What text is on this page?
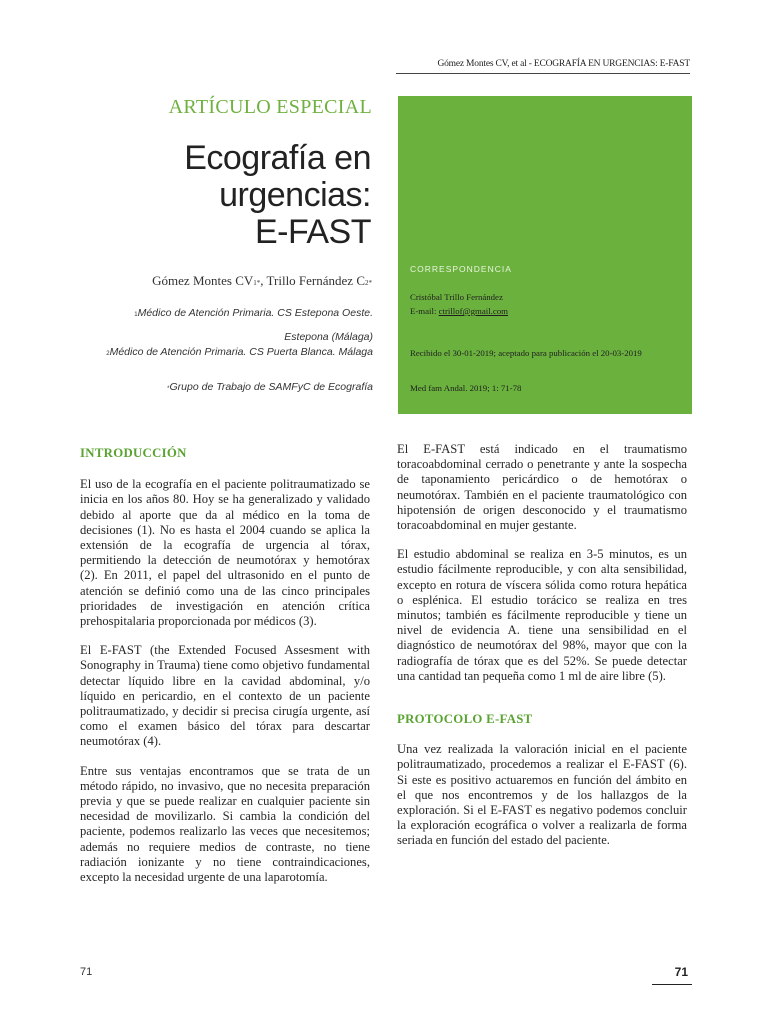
Gómez Montes CV, et al - ECOGRAFÍA EN URGENCIAS: E-FAST
ARTÍCULO ESPECIAL
Ecografía en urgencias:
E-FAST
Gómez Montes CV1*, Trillo Fernández C2*
1Médico de Atención Primaria. CS Estepona Oeste.
Estepona (Málaga)
2Médico de Atención Primaria. CS Puerta Blanca. Málaga
*Grupo de Trabajo de SAMFyC de Ecografía
CORRESPONDENCIA
Cristóbal Trillo Fernández
E-mail: ctrillof@gmail.com
Recibido el 30-01-2019; aceptado para publicación el 20-03-2019
Med fam Andal. 2019; 1: 71-78
INTRODUCCIÓN

El uso de la ecografía en el paciente politraumatizado se inicia en los años 80. Hoy se ha generalizado y validado debido al aporte que da al médico en la toma de decisiones (1). No es hasta el 2004 cuando se aplica la extensión de la ecografía de urgencia al tórax, permitiendo la detección de neumotórax y hemotórax (2). En 2011, el papel del ultrasonido en el punto de atención se definió como una de las cinco principales prioridades de investigación en atención crítica prehospitalaria proporcionada por médicos (3).

El E-FAST (the Extended Focused Assesment with Sonography in Trauma) tiene como objetivo fundamental detectar líquido libre en la cavidad abdominal, y/o líquido en pericardio, en el contexto de un paciente politraumatizado, y decidir si precisa cirugía urgente, así como el examen básico del tórax para descartar neumotórax (4).

Entre sus ventajas encontramos que se trata de un método rápido, no invasivo, que no necesita preparación previa y que se puede realizar en cualquier paciente sin necesidad de movilizarlo. Si cambia la condición del paciente, podemos realizarlo las veces que necesitemos; además no requiere medios de contraste, no tiene radiación ionizante y no tiene contraindicaciones, excepto la necesidad urgente de una laparotomía.

El E-FAST está indicado en el traumatismo toracoabdominal cerrado o penetrante y ante la sospecha de taponamiento pericárdico o de hemotórax o neumotórax. También en el paciente traumatológico con hipotensión de origen desconocido y el traumatismo toracoabdominal en mujer gestante.

El estudio abdominal se realiza en 3-5 minutos, es un estudio fácilmente reproducible, y con alta sensibilidad, excepto en rotura de víscera sólida como rotura hepática o esplénica. El estudio torácico se realiza en tres minutos; también es fácilmente reproducible y tiene un nivel de evidencia A. tiene una sensibilidad en el diagnóstico de neumotórax del 98%, mayor que con la radiografía de tórax que es del 52%. Se puede detectar una cantidad tan pequeña como 1 ml de aire libre (5).

PROTOCOLO E-FAST

Una vez realizada la valoración inicial en el paciente politraumatizado, procedemos a realizar el E-FAST (6). Si este es positivo actuaremos en función del ámbito en el que nos encontremos y de los hallazgos de la exploración. Si el E-FAST es negativo podemos concluir la exploración ecográfica o volver a realizarla de forma seriada en función del estado del paciente.

71	71
